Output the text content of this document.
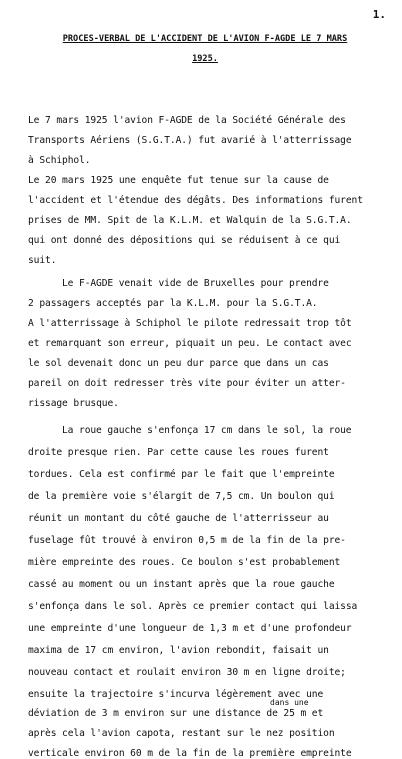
1.
PROCES-VERBAL DE L'ACCIDENT DE L'AVION F-AGDE LE 7 MARS
1925.
Le 7 mars 1925 l'avion F-AGDE de la Société Générale des
Transports Aériens (S.G.T.A.) fut avarié à l'atterrissage
à Schiphol.
Le 20 mars 1925 une enquête fut tenue sur la cause de
l'accident et l'étendue des dégâts. Des informations furent
prises de MM. Spit de la K.L.M. et Walquin de la S.G.T.A.
qui ont donné des dépositions qui se réduisent à ce qui
suit.
Le F-AGDE venait vide de Bruxelles pour prendre
2 passagers acceptés par la K.L.M. pour la S.G.T.A.
A l'atterrissage à Schiphol le pilote redressait trop tôt
et remarquant son erreur, piquait un peu. Le contact avec
le sol devenait donc un peu dur parce que dans un cas
pareil on doit redresser très vite pour éviter un atter-
rissage brusque.
La roue gauche s'enfonça 17 cm dans le sol, la roue
droite presque rien. Par cette cause les roues furent
tordues. Cela est confirmé par le fait que l'empreinte
de la première voie s'élargit de 7,5 cm. Un boulon qui
réunit un montant du côté gauche de l'atterrisseur au
fuselage fût trouvé à environ 0,5 m de la fin de la pre-
mière empreinte des roues. Ce boulon s'est probablement
cassé au moment ou un instant après que la roue gauche
s'enfonça dans le sol. Après ce premier contact qui laissa
une empreinte d'une longueur de 1,3 m et d'une profondeur
maxima de 17 cm environ, l'avion rebondit, faisait un
nouveau contact et roulait environ 30 m en ligne droite;
ensuite la trajectoire s'incurva légèrement avec une
déviation de 3 m environ sur une distance de 25 m et
dans une
après cela l'avion capota, restant sur le nez position
verticale environ 60 m de la fin de la première empreinte
